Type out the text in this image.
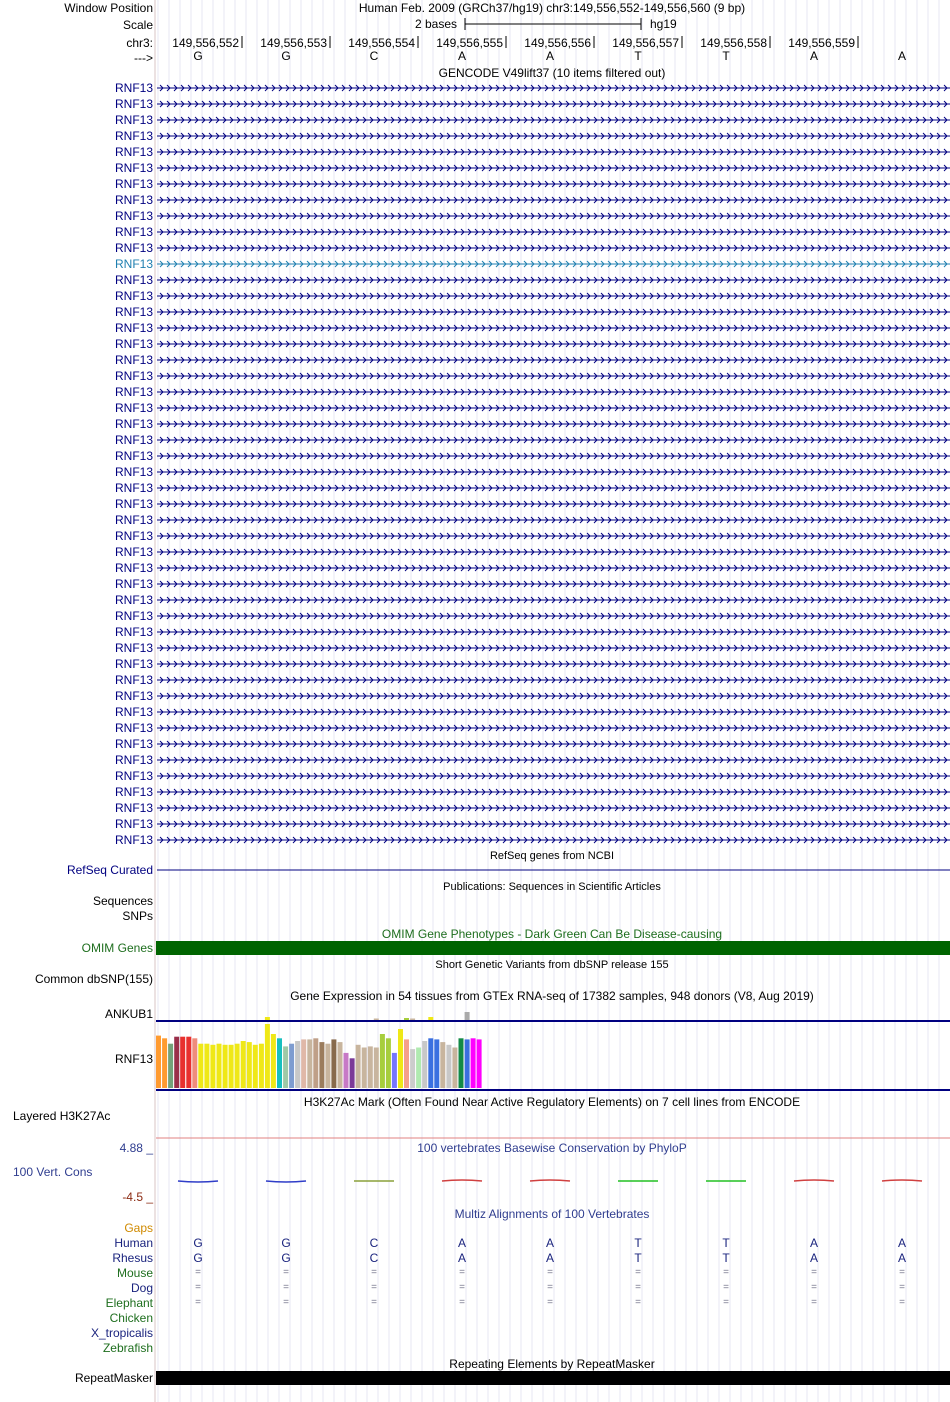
Window Position	Human Feb. 2009 (GRCh37/hg19) chr3:149,556,552-149,556,560 (9 bp)
Scale	2 bases	hg19
chr3: 149,556,552 149,556,553 149,556,554 149,556,555 149,556,556 149,556,557 149,556,558 149,556,559
--->	G	G	C	A	A	T	T	A	A
GENCODE V49lift37 (10 items filtered out)
RNF13
RNF13
RNF13
RNF13
RNF13
RNF13
RNF13
RNF13
RNF13
RNF13
RNF13
RNF13
RNF13
RNF13
RNF13
RNF13
RNF13
RNF13
RNF13
RNF13
RNF13
RNF13
RNF13
RNF13
RNF13
RNF13
RNF13
RNF13
RNF13
RNF13
RNF13
RNF13
RNF13
RNF13
RNF13
RNF13
RNF13
RNF13
RNF13
RNF13
RNF13
RNF13
RNF13
RNF13
RNF13
RNF13
RNF13
RNF13
RefSeq genes from NCBI
RefSeq Curated
Publications: Sequences in Scientific Articles
Sequences
SNPs
OMIM Gene Phenotypes - Dark Green Can Be Disease-causing
OMIM Genes
Short Genetic Variants from dbSNP release 155
Common dbSNP(155)
Gene Expression in 54 tissues from GTEx RNA-seq of 17382 samples, 948 donors (V8, Aug 2019)
ANKUB1
RNF13
H3K27Ac Mark (Often Found Near Active Regulatory Elements) on 7 cell lines from ENCODE
Layered H3K27Ac
100 vertebrates Basewise Conservation by PhyloP
4.88 _
100 Vert. Cons
-4.5 _
Multiz Alignments of 100 Vertebrates
Gaps
Human	G	G	C	A	A	T	T	A	A
Rhesus	G	G	C	A	A	T	T	A	A
Mouse	=	=	=	=	=	=	=	=	=
Dog	=	=	=	=	=	=	=	=	=
Elephant	=	=	=	=	=	=	=	=	=
Chicken
X_tropicalis
Zebrafish
Repeating Elements by RepeatMasker
RepeatMasker
